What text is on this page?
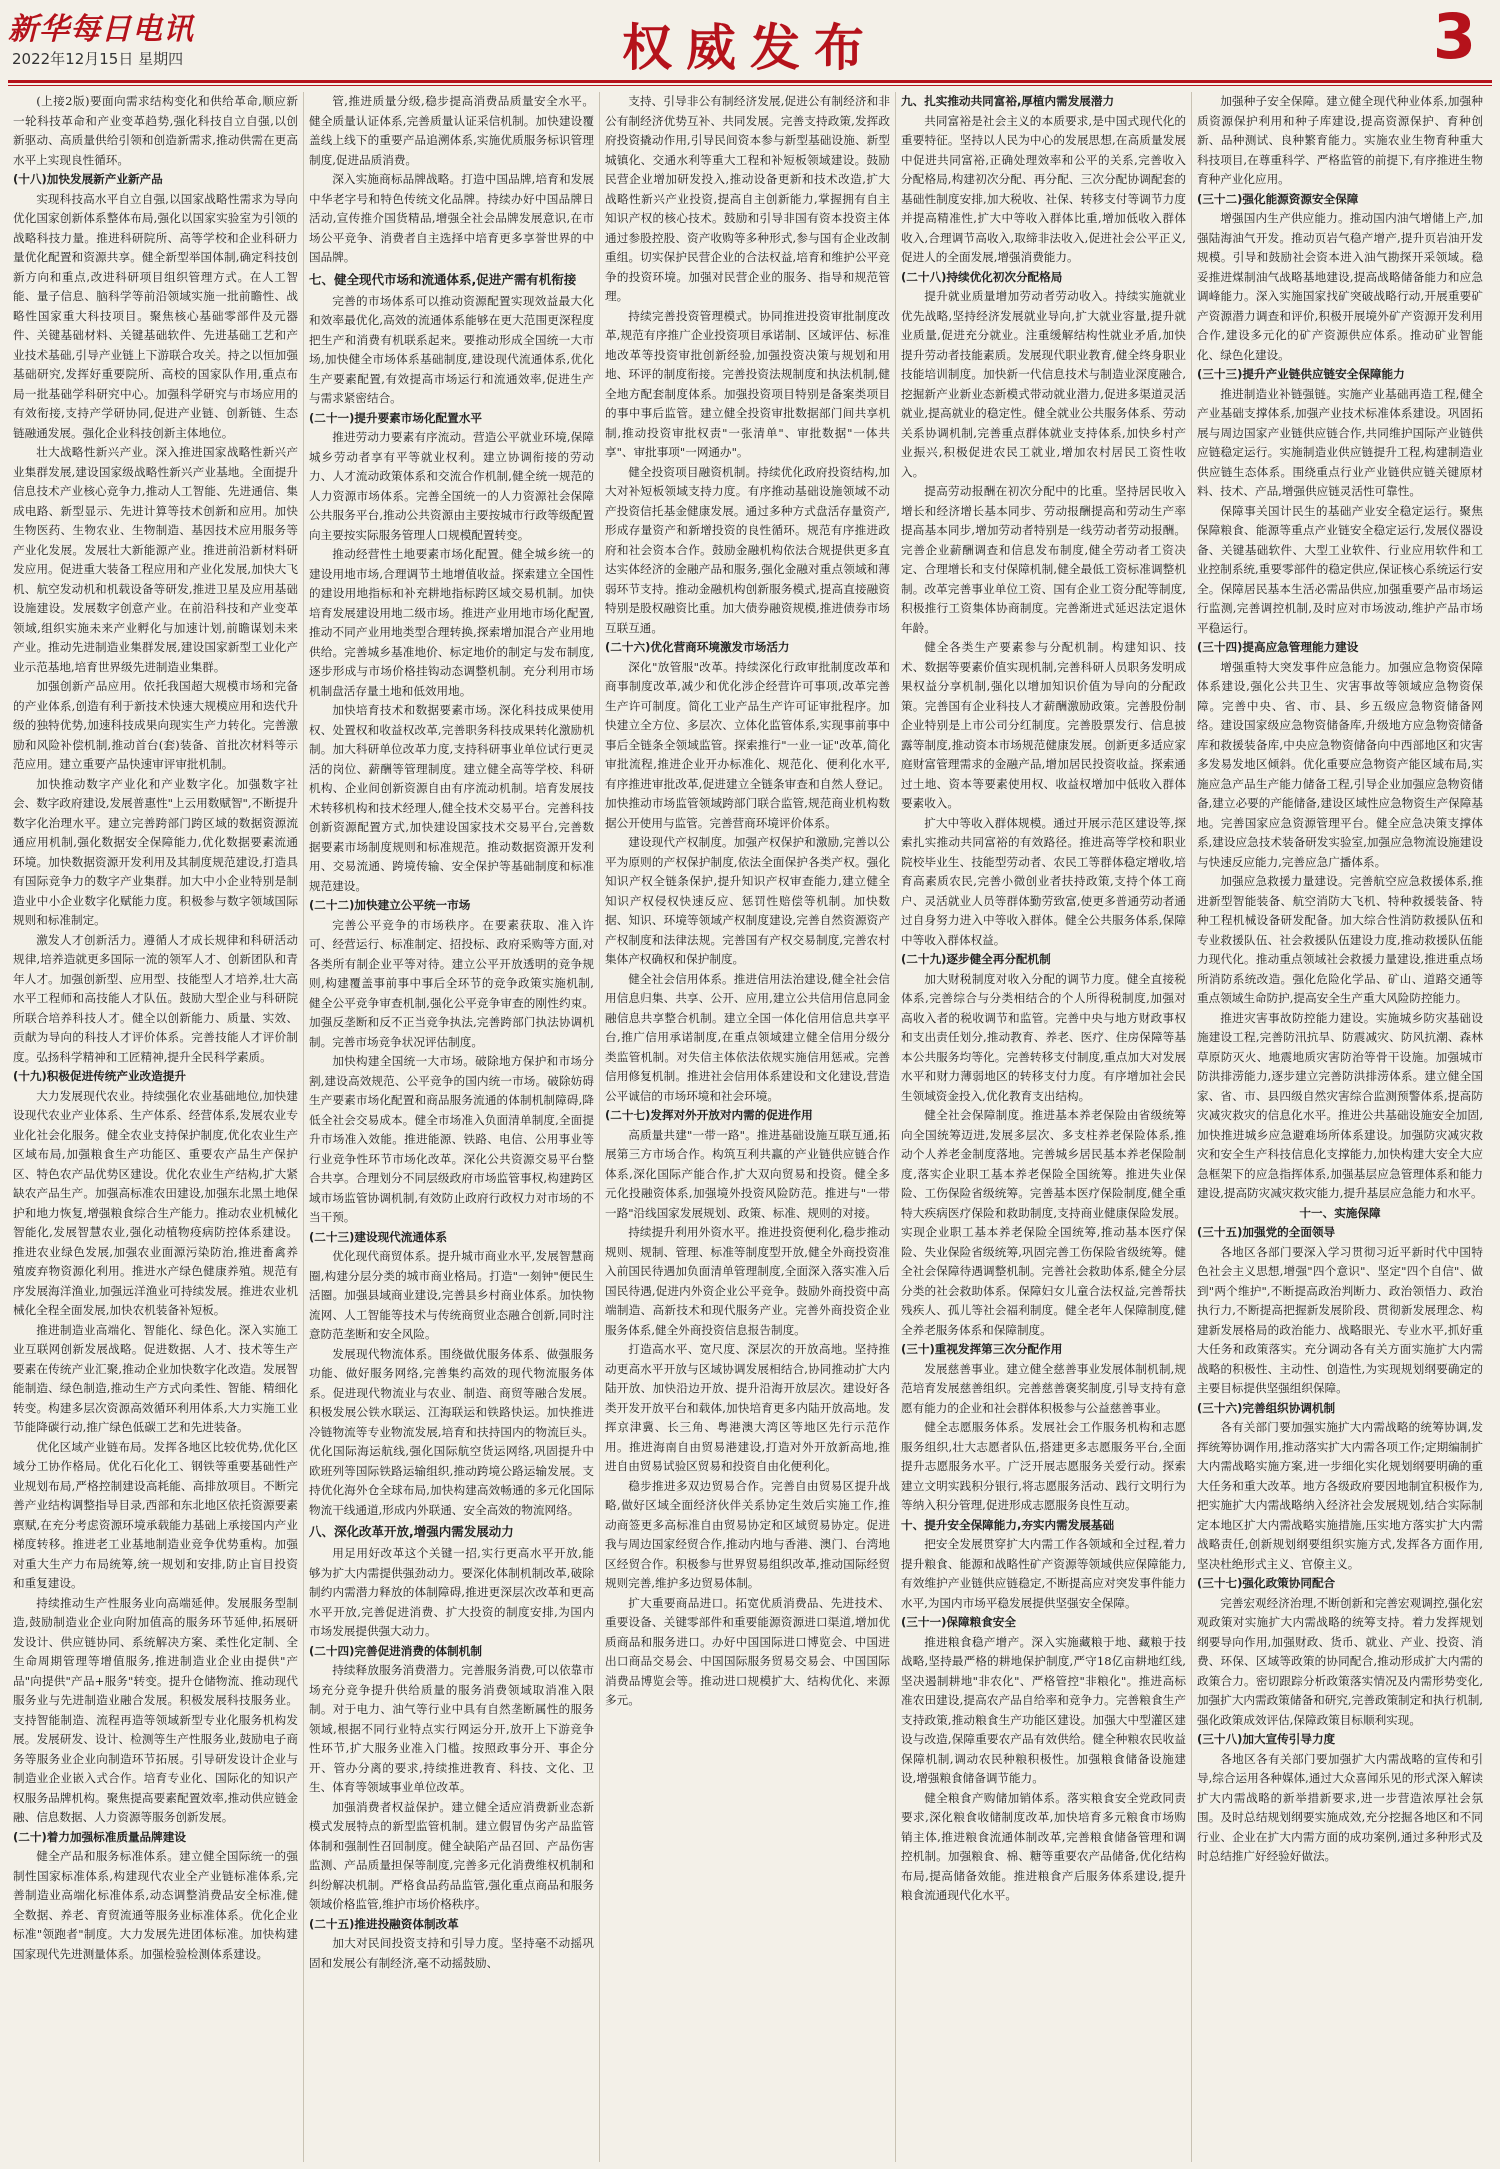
新华每日电讯
2022年12月15日 星期四	权威发布	3

(上接2版)要面向需求结构变化和供给革命,顺应新一轮科技革命和产业变革趋势,强化科技自立自强,以创新驱动、高质量供给引领和创造新需求,推动供需在更高水平上实现良性循环。

(十八)加快发展新产业新产品

实现科技高水平自立自强,以国家战略性需求为导向优化国家创新体系整体布局,强化以国家实验室为引领的战略科技力量。推进科研院所、高等学校和企业科研力量优化配置和资源共享。健全新型举国体制,确定科技创新方向和重点,改进科研项目组织管理方式。在人工智能、量子信息、脑科学等前沿领域实施一批前瞻性、战略性国家重大科技项目。聚焦核心基础零部件及元器件、关键基础材料、关键基础软件、先进基础工艺和产业技术基础,引导产业链上下游联合攻关。持之以恒加强基础研究,发挥好重要院所、高校的国家队作用,重点布局一批基础学科研究中心。加强科学研究与市场应用的有效衔接,支持产学研协同,促进产业链、创新链、生态链融通发展。强化企业科技创新主体地位。

壮大战略性新兴产业。深入推进国家战略性新兴产业集群发展,建设国家级战略性新兴产业基地。全面提升信息技术产业核心竞争力,推动人工智能、先进通信、集成电路、新型显示、先进计算等技术创新和应用。加快生物医药、生物农业、生物制造、基因技术应用服务等产业化发展。发展壮大新能源产业。推进前沿新材料研发应用。促进重大装备工程应用和产业化发展,加快大飞机、航空发动机和机载设备等研发,推进卫星及应用基础设施建设。发展数字创意产业。在前沿科技和产业变革领域,组织实施未来产业孵化与加速计划,前瞻谋划未来产业。推动先进制造业集群发展,建设国家新型工业化产业示范基地,培育世界级先进制造业集群。

加强创新产品应用。依托我国超大规模市场和完备的产业体系,创造有利于新技术快速大规模应用和迭代升级的独特优势,加速科技成果向现实生产力转化。完善激励和风险补偿机制,推动首台(套)装备、首批次材料等示范应用。建立重要产品快速审评审批机制。

加快推动数字产业化和产业数字化。加强数字社会、数字政府建设,发展普惠性"上云用数赋智",不断提升数字化治理水平。建立完善跨部门跨区域的数据资源流通应用机制,强化数据安全保障能力,优化数据要素流通环境。加快数据资源开发利用及其制度规范建设,打造具有国际竞争力的数字产业集群。加大中小企业特别是制造业中小企业数字化赋能力度。积极参与数字领域国际规则和标准制定。

激发人才创新活力。遵循人才成长规律和科研活动规律,培养造就更多国际一流的领军人才、创新团队和青年人才。加强创新型、应用型、技能型人才培养,壮大高水平工程师和高技能人才队伍。鼓励大型企业与科研院所联合培养科技人才。健全以创新能力、质量、实效、贡献为导向的科技人才评价体系。完善技能人才评价制度。弘扬科学精神和工匠精神,提升全民科学素质。

(十九)积极促进传统产业改造提升

大力发展现代农业。持续强化农业基础地位,加快建设现代农业产业体系、生产体系、经营体系,发展农业专业化社会化服务。健全农业支持保护制度,优化农业生产区域布局,加强粮食生产功能区、重要农产品生产保护区、特色农产品优势区建设。优化农业生产结构,扩大紧缺农产品生产。加强高标准农田建设,加强东北黑土地保护和地力恢复,增强粮食综合生产能力。推动农业机械化智能化,发展智慧农业,强化动植物疫病防控体系建设。推进农业绿色发展,加强农业面源污染防治,推进畜禽养殖废弃物资源化利用。推进水产绿色健康养殖。规范有序发展海洋渔业,加强远洋渔业可持续发展。推进农业机械化全程全面发展,加快农机装备补短板。

推进制造业高端化、智能化、绿色化。深入实施工业互联网创新发展战略。促进数据、人才、技术等生产要素在传统产业汇聚,推动企业加快数字化改造。发展智能制造、绿色制造,推动生产方式向柔性、智能、精细化转变。构建多层次资源高效循环利用体系,大力实施工业节能降碳行动,推广绿色低碳工艺和先进装备。

优化区域产业链布局。发挥各地区比较优势,优化区域分工协作格局。优化石化化工、钢铁等重要基础性产业规划布局,严格控制建设高耗能、高排放项目。不断完善产业结构调整指导目录,西部和东北地区依托资源要素禀赋,在充分考虑资源环境承载能力基础上承接国内产业梯度转移。推进老工业基地制造业竞争优势重构。加强对重大生产力布局统筹,统一规划和安排,防止盲目投资和重复建设。

持续推动生产性服务业向高端延伸。发展服务型制造,鼓励制造业企业向附加值高的服务环节延伸,拓展研发设计、供应链协同、系统解决方案、柔性化定制、全生命周期管理等增值服务,推进制造业企业由提供"产品"向提供"产品+服务"转变。提升仓储物流、推动现代服务业与先进制造业融合发展。积极发展科技服务业。支持智能制造、流程再造等领域新型专业化服务机构发展。发展研发、设计、检测等生产性服务业,鼓励电子商务等服务业企业向制造环节拓展。引导研发设计企业与制造业企业嵌入式合作。培育专业化、国际化的知识产权服务品牌机构。聚焦提高要素配置效率,推动供应链金融、信息数据、人力资源等服务创新发展。

(二十)着力加强标准质量品牌建设

健全产品和服务标准体系。建立健全国际统一的强制性国家标准体系,构建现代农业全产业链标准体系,完善制造业高端化标准体系,动态调整消费品安全标准,健全数据、养老、育贸流通等服务业标准体系。优化企业标准"领跑者"制度。大力发展先进团体标准。加快构建国家现代先进测量体系。加强检验检测体系建设。

管,推进质量分级,稳步提高消费品质量安全水平。健全质量认证体系,完善质量认证采信机制。加快建设覆盖线上线下的重要产品追溯体系,实施优质服务标识管理制度,促进品质消费。

深入实施商标品牌战略。打造中国品牌,培育和发展中华老字号和特色传统文化品牌。持续办好中国品牌日活动,宣传推介国货精品,增强全社会品牌发展意识,在市场公平竞争、消费者自主选择中培育更多享誉世界的中国品牌。

七、健全现代市场和流通体系,促进产需有机衔接

完善的市场体系可以推动资源配置实现效益最大化和效率最优化,高效的流通体系能够在更大范围更深程度把生产和消费有机联系起来。要推动形成全国统一大市场,加快健全市场体系基础制度,建设现代流通体系,优化生产要素配置,有效提高市场运行和流通效率,促进生产与需求紧密结合。

(二十一)提升要素市场化配置水平

推进劳动力要素有序流动。营造公平就业环境,保障城乡劳动者享有平等就业权利。建立协调衔接的劳动力、人才流动政策体系和交流合作机制,健全统一规范的人力资源市场体系。完善全国统一的人力资源社会保障公共服务平台,推动公共资源由主要按城市行政等级配置向主要按实际服务管理人口规模配置转变。

推动经营性土地要素市场化配置。健全城乡统一的建设用地市场,合理调节土地增值收益。探索建立全国性的建设用地指标和补充耕地指标跨区域交易机制。加快培育发展建设用地二级市场。推进产业用地市场化配置,推动不同产业用地类型合理转换,探索增加混合产业用地供给。完善城乡基准地价、标定地价的制定与发布制度,逐步形成与市场价格挂钩动态调整机制。充分利用市场机制盘活存量土地和低效用地。

加快培育技术和数据要素市场。深化科技成果使用权、处置权和收益权改革,完善职务科技成果转化激励机制。加大科研单位改革力度,支持科研事业单位试行更灵活的岗位、薪酬等管理制度。建立健全高等学校、科研机构、企业间创新资源自由有序流动机制。培育发展技术转移机构和技术经理人,健全技术交易平台。完善科技创新资源配置方式,加快建设国家技术交易平台,完善数据要素市场制度规则和标准规范。推动数据资源开发利用、交易流通、跨境传输、安全保护等基础制度和标准规范建设。

(二十二)加快建立公平统一市场

完善公平竞争的市场秩序。在要素获取、准入许可、经营运行、标准制定、招投标、政府采购等方面,对各类所有制企业平等对待。建立公平开放透明的竞争规则,构建覆盖事前事中事后全环节的竞争政策实施机制,健全公平竞争审查机制,强化公平竞争审查的刚性约束。加强反垄断和反不正当竞争执法,完善跨部门执法协调机制。完善市场竞争状况评估制度。

加快构建全国统一大市场。破除地方保护和市场分割,建设高效规范、公平竞争的国内统一市场。破除妨碍生产要素市场化配置和商品服务流通的体制机制障碍,降低全社会交易成本。健全市场准入负面清单制度,全面提升市场准入效能。推进能源、铁路、电信、公用事业等行业竞争性环节市场化改革。深化公共资源交易平台整合共享。合理划分不同层级政府市场监管事权,构建跨区域市场监管协调机制,有效防止政府行政权力对市场的不当干预。

(二十三)建设现代流通体系

优化现代商贸体系。提升城市商业水平,发展智慧商圈,构建分层分类的城市商业格局。打造"一刻钟"便民生活圈。加强县域商业建设,完善县乡村商业体系。加快物流网、人工智能等技术与传统商贸业态融合创新,同时注意防范垄断和安全风险。

发展现代物流体系。围绕做优服务体系、做强服务功能、做好服务网络,完善集约高效的现代物流服务体系。促进现代物流业与农业、制造、商贸等融合发展。积极发展公铁水联运、江海联运和铁路快运。加快推进冷链物流等专业物流发展,培育和扶持国内的物流巨头。优化国际海运航线,强化国际航空货运网络,巩固提升中欧班列等国际铁路运输组织,推动跨境公路运输发展。支持优化海外仓全球布局,加快构建高效畅通的多元化国际物流干线通道,形成内外联通、安全高效的物流网络。

八、深化改革开放,增强内需发展动力

用足用好改革这个关键一招,实行更高水平开放,能够为扩大内需提供强劲动力。要深化体制机制改革,破除制约内需潜力释放的体制障碍,推进更深层次改革和更高水平开放,完善促进消费、扩大投资的制度安排,为国内市场发展提供强大动力。

(二十四)完善促进消费的体制机制

持续释放服务消费潜力。完善服务消费,可以依靠市场充分竞争提升供给质量的服务消费领域取消准入限制。对于电力、油气等行业中具有自然垄断属性的服务领域,根据不同行业特点实行网运分开,放开上下游竞争性环节,扩大服务业准入门槛。按照政事分开、事企分开、管办分离的要求,持续推进教育、科技、文化、卫生、体育等领域事业单位改革。

加强消费者权益保护。建立健全适应消费新业态新模式发展特点的新型监管机制。建立假冒伪劣产品监管体制和强制性召回制度。健全缺陷产品召回、产品伤害监测、产品质量担保等制度,完善多元化消费维权机制和纠纷解决机制。严格食品药品监管,强化重点商品和服务领域价格监管,维护市场价格秩序。

(二十五)推进投融资体制改革

加大对民间投资支持和引导力度。坚持毫不动摇巩固和发展公有制经济,毫不动摇鼓励、

支持、引导非公有制经济发展,促进公有制经济和非公有制经济优势互补、共同发展。完善支持政策,发挥政府投资撬动作用,引导民间资本参与新型基础设施、新型城镇化、交通水利等重大工程和补短板领域建设。鼓励民营企业增加研发投入,推动设备更新和技术改造,扩大战略性新兴产业投资,提高自主创新能力,掌握拥有自主知识产权的核心技术。鼓励和引导非国有资本投资主体通过参股控股、资产收购等多种形式,参与国有企业改制重组。切实保护民营企业的合法权益,培育和维护公平竞争的投资环境。加强对民营企业的服务、指导和规范管理。

持续完善投资管理模式。协同推进投资审批制度改革,规范有序推广企业投资项目承诺制、区域评估、标准地改革等投资审批创新经验,加强投资决策与规划和用地、环评的制度衔接。完善投资法规制度和执法机制,健全地方配套制度体系。加强投资项目特别是备案类项目的事中事后监管。建立健全投资审批数据部门间共享机制,推动投资审批权责"一张清单"、审批数据"一体共享"、审批事项"一网通办"。

健全投资项目融资机制。持续优化政府投资结构,加大对补短板领域支持力度。有序推动基础设施领域不动产投资信托基金健康发展。通过多种方式盘活存量资产,形成存量资产和新增投资的良性循环。规范有序推进政府和社会资本合作。鼓励金融机构依法合规提供更多直达实体经济的金融产品和服务,强化金融对重点领域和薄弱环节支持。推动金融机构创新服务模式,提高直接融资特别是股权融资比重。加大债券融资规模,推进债券市场互联互通。

(二十六)优化营商环境激发市场活力

深化"放管服"改革。持续深化行政审批制度改革和商事制度改革,减少和优化涉企经营许可事项,改革完善生产许可制度。简化工业产品生产许可证审批程序。加快建立全方位、多层次、立体化监管体系,实现事前事中事后全链条全领域监管。探索推行"一业一证"改革,简化审批流程,推进企业开办标准化、规范化、便利化水平,有序推进审批改革,促进建立全链条审查和自然人登记。加快推动市场监管领域跨部门联合监管,规范商业机构数据公开使用与监管。完善营商环境评价体系。

建设现代产权制度。加强产权保护和激励,完善以公平为原则的产权保护制度,依法全面保护各类产权。强化知识产权全链条保护,提升知识产权审查能力,建立健全知识产权侵权快速反应、惩罚性赔偿等机制。加快数据、知识、环境等领域产权制度建设,完善自然资源资产产权制度和法律法规。完善国有产权交易制度,完善农村集体产权确权和保护制度。

健全社会信用体系。推进信用法治建设,健全社会信用信息归集、共享、公开、应用,建立公共信用信息同金融信息共享整合机制。建立全国一体化信用信息共享平台,推广信用承诺制度,在重点领域建立健全信用分级分类监管机制。对失信主体依法依规实施信用惩戒。完善信用修复机制。推进社会信用体系建设和文化建设,营造公平诚信的市场环境和社会环境。

(二十七)发挥对外开放对内需的促进作用

高质量共建"一带一路"。推进基础设施互联互通,拓展第三方市场合作。构筑互利共赢的产业链供应链合作体系,深化国际产能合作,扩大双向贸易和投资。健全多元化投融资体系,加强境外投资风险防范。推进与"一带一路"沿线国家发展规划、政策、标准、规则的对接。

持续提升利用外资水平。推进投资便利化,稳步推动规则、规制、管理、标准等制度型开放,健全外商投资准入前国民待遇加负面清单管理制度,全面深入落实准入后国民待遇,促进内外资企业公平竞争。鼓励外商投资中高端制造、高新技术和现代服务产业。完善外商投资企业服务体系,健全外商投资信息报告制度。

打造高水平、宽尺度、深层次的开放高地。坚持推动更高水平开放与区域协调发展相结合,协同推动扩大内陆开放、加快沿边开放、提升沿海开放层次。建设好各类开发开放平台和载体,加快培育更多内陆开放高地。发挥京津冀、长三角、粤港澳大湾区等地区先行示范作用。推进海南自由贸易港建设,打造对外开放新高地,推进自由贸易试验区贸易和投资自由化便利化。

稳步推进多双边贸易合作。完善自由贸易区提升战略,做好区域全面经济伙伴关系协定生效后实施工作,推动商签更多高标准自由贸易协定和区域贸易协定。促进我与周边国家经贸合作,推动内地与香港、澳门、台湾地区经贸合作。积极参与世界贸易组织改革,推动国际经贸规则完善,维护多边贸易体制。

扩大重要商品进口。拓宽优质消费品、先进技术、重要设备、关键零部件和重要能源资源进口渠道,增加优质商品和服务进口。办好中国国际进口博览会、中国进出口商品交易会、中国国际服务贸易交易会、中国国际消费品博览会等。推动进口规模扩大、结构优化、来源多元。

九、扎实推动共同富裕,厚植内需发展潜力

共同富裕是社会主义的本质要求,是中国式现代化的重要特征。坚持以人民为中心的发展思想,在高质量发展中促进共同富裕,正确处理效率和公平的关系,完善收入分配格局,构建初次分配、再分配、三次分配协调配套的基础性制度安排,加大税收、社保、转移支付等调节力度并提高精准性,扩大中等收入群体比重,增加低收入群体收入,合理调节高收入,取缔非法收入,促进社会公平正义,促进人的全面发展,增强消费能力。

(二十八)持续优化初次分配格局

提升就业质量增加劳动者劳动收入。持续实施就业优先战略,坚持经济发展就业导向,扩大就业容量,提升就业质量,促进充分就业。注重缓解结构性就业矛盾,加快提升劳动者技能素质。发展现代职业教育,健全终身职业技能培训制度。加快新一代信息技术与制造业深度融合,挖掘新产业新业态新模式带动就业潜力,促进多渠道灵活就业,提高就业的稳定性。健全就业公共服务体系、劳动关系协调机制,完善重点群体就业支持体系,加快乡村产业振兴,积极促进农民工就业,增加农村居民工资性收入。

提高劳动报酬在初次分配中的比重。坚持居民收入增长和经济增长基本同步、劳动报酬提高和劳动生产率提高基本同步,增加劳动者特别是一线劳动者劳动报酬。完善企业薪酬调查和信息发布制度,健全劳动者工资决定、合理增长和支付保障机制,健全最低工资标准调整机制。改革完善事业单位工资、国有企业工资分配等制度,积极推行工资集体协商制度。完善渐进式延迟法定退休年龄。

健全各类生产要素参与分配机制。构建知识、技术、数据等要素价值实现机制,完善科研人员职务发明成果权益分享机制,强化以增加知识价值为导向的分配政策。完善国有企业科技人才薪酬激励政策。完善股份制企业特别是上市公司分红制度。完善股票发行、信息披露等制度,推动资本市场规范健康发展。创新更多适应家庭财富管理需求的金融产品,增加居民投资收益。探索通过土地、资本等要素使用权、收益权增加中低收入群体要素收入。

扩大中等收入群体规模。通过开展示范区建设等,探索扎实推动共同富裕的有效路径。推进高等学校和职业院校毕业生、技能型劳动者、农民工等群体稳定增收,培育高素质农民,完善小微创业者扶持政策,支持个体工商户、灵活就业人员等群体勤劳致富,使更多普通劳动者通过自身努力进入中等收入群体。健全公共服务体系,保障中等收入群体权益。

(二十九)逐步健全再分配机制

加大财税制度对收入分配的调节力度。健全直接税体系,完善综合与分类相结合的个人所得税制度,加强对高收入者的税收调节和监管。完善中央与地方财政事权和支出责任划分,推动教育、养老、医疗、住房保障等基本公共服务均等化。完善转移支付制度,重点加大对发展水平和财力薄弱地区的转移支付力度。有序增加社会民生领域资金投入,优化教育支出结构。

健全社会保障制度。推进基本养老保险由省级统筹向全国统筹迈进,发展多层次、多支柱养老保险体系,推动个人养老金制度落地。完善城乡居民基本养老保险制度,落实企业职工基本养老保险全国统筹。推进失业保险、工伤保险省级统筹。完善基本医疗保险制度,健全重特大疾病医疗保险和救助制度,支持商业健康保险发展。实现企业职工基本养老保险全国统筹,推动基本医疗保险、失业保险省级统筹,巩固完善工伤保险省级统筹。健全社会保障待遇调整机制。完善社会救助体系,健全分层分类的社会救助体系。保障妇女儿童合法权益,完善帮扶残疾人、孤儿等社会福利制度。健全老年人保障制度,健全养老服务体系和保障制度。

(三十)重视发挥第三次分配作用

发展慈善事业。建立健全慈善事业发展体制机制,规范培育发展慈善组织。完善慈善褒奖制度,引导支持有意愿有能力的企业和社会群体积极参与公益慈善事业。

健全志愿服务体系。发展社会工作服务机构和志愿服务组织,壮大志愿者队伍,搭建更多志愿服务平台,全面提升志愿服务水平。广泛开展志愿服务关爱行动。探索建立文明实践积分银行,将志愿服务活动、践行文明行为等纳入积分管理,促进形成志愿服务良性互动。

十、提升安全保障能力,夯实内需发展基础

把安全发展贯穿扩大内需工作各领域和全过程,着力提升粮食、能源和战略性矿产资源等领域供应保障能力,有效维护产业链供应链稳定,不断提高应对突发事件能力水平,为国内市场平稳发展提供坚强安全保障。

(三十一)保障粮食安全

推进粮食稳产增产。深入实施藏粮于地、藏粮于技战略,坚持最严格的耕地保护制度,严守18亿亩耕地红线,坚决遏制耕地"非农化"、严格管控"非粮化"。推进高标准农田建设,提高农产品自给率和竞争力。完善粮食生产支持政策,推动粮食生产功能区建设。加强大中型灌区建设与改造,保障重要农产品有效供给。健全种粮农民收益保障机制,调动农民种粮积极性。加强粮食储备设施建设,增强粮食储备调节能力。

健全粮食产购储加销体系。落实粮食安全党政同责要求,深化粮食收储制度改革,加快培育多元粮食市场购销主体,推进粮食流通体制改革,完善粮食储备管理和调控机制。加强粮食、棉、糖等重要农产品储备,优化结构布局,提高储备效能。推进粮食产后服务体系建设,提升粮食流通现代化水平。

加强种子安全保障。建立健全现代种业体系,加强种质资源保护利用和种子库建设,提高资源保护、育种创新、品种测试、良种繁育能力。实施农业生物育种重大科技项目,在尊重科学、严格监管的前提下,有序推进生物育种产业化应用。

(三十二)强化能源资源安全保障

增强国内生产供应能力。推动国内油气增储上产,加强陆海油气开发。推动页岩气稳产增产,提升页岩油开发规模。引导和鼓励社会资本进入油气勘探开采领域。稳妥推进煤制油气战略基地建设,提高战略储备能力和应急调峰能力。深入实施国家找矿突破战略行动,开展重要矿产资源潜力调查和评价,积极开展境外矿产资源开发利用合作,建设多元化的矿产资源供应体系。推动矿业智能化、绿色化建设。

(三十三)提升产业链供应链安全保障能力

推进制造业补链强链。实施产业基础再造工程,健全产业基础支撑体系,加强产业技术标准体系建设。巩固拓展与周边国家产业链供应链合作,共同维护国际产业链供应链稳定运行。实施制造业供应链提升工程,构建制造业供应链生态体系。围绕重点行业产业链供应链关键原材料、技术、产品,增强供应链灵活性可靠性。

保障事关国计民生的基础产业安全稳定运行。聚焦保障粮食、能源等重点产业链安全稳定运行,发展仪器设备、关键基础软件、大型工业软件、行业应用软件和工业控制系统,重要零部件的稳定供应,保证核心系统运行安全。保障居民基本生活必需品供应,加强重要产品市场运行监测,完善调控机制,及时应对市场波动,维护产品市场平稳运行。

(三十四)提高应急管理能力建设

增强重特大突发事件应急能力。加强应急物资保障体系建设,强化公共卫生、灾害事故等领域应急物资保障。完善中央、省、市、县、乡五级应急物资储备网络。建设国家级应急物资储备库,升级地方应急物资储备库和救援装备库,中央应急物资储备向中西部地区和灾害多发易发地区倾斜。优化重要应急物资产能区域布局,实施应急产品生产能力储备工程,引导企业加强应急物资储备,建立必要的产能储备,建设区域性应急物资生产保障基地。完善国家应急资源管理平台。健全应急决策支撑体系,建设应急技术装备研发实验室,加强应急物流设施建设与快速反应能力,完善应急广播体系。

加强应急救援力量建设。完善航空应急救援体系,推进新型智能装备、航空消防大飞机、特种救援装备、特种工程机械设备研发配备。加大综合性消防救援队伍和专业救援队伍、社会救援队伍建设力度,推动救援队伍能力现代化。推动重点领域社会救援力量建设,推进重点场所消防系统改造。强化危险化学品、矿山、道路交通等重点领域生命防护,提高安全生产重大风险防控能力。

推进灾害事故防控能力建设。实施城乡防灾基础设施建设工程,完善防汛抗旱、防震减灾、防风抗潮、森林草原防灭火、地震地质灾害防治等骨干设施。加强城市防洪排涝能力,逐步建立完善防洪排涝体系。建立健全国家、省、市、县四级自然灾害综合监测预警体系,提高防灾减灾救灾的信息化水平。推进公共基础设施安全加固,加快推进城乡应急避难场所体系建设。加强防灾减灾救灾和安全生产科技信息化支撑能力,加快构建大安全大应急框架下的应急指挥体系,加强基层应急管理体系和能力建设,提高防灾减灾救灾能力,提升基层应急能力和水平。

十一、实施保障
(三十五)加强党的全面领导

各地区各部门要深入学习贯彻习近平新时代中国特色社会主义思想,增强"四个意识"、坚定"四个自信"、做到"两个维护",不断提高政治判断力、政治领悟力、政治执行力,不断提高把握新发展阶段、贯彻新发展理念、构建新发展格局的政治能力、战略眼光、专业水平,抓好重大任务和政策落实。充分调动各有关方面实施扩大内需战略的积极性、主动性、创造性,为实现规划纲要确定的主要目标提供坚强组织保障。

(三十六)完善组织协调机制

各有关部门要加强实施扩大内需战略的统筹协调,发挥统筹协调作用,推动落实扩大内需各项工作;定期编制扩大内需战略实施方案,进一步细化实化规划纲要明确的重大任务和重大改革。地方各级政府要因地制宜积极作为,把实施扩大内需战略纳入经济社会发展规划,结合实际制定本地区扩大内需战略实施措施,压实地方落实扩大内需战略责任,创新规划纲要组织实施方式,发挥各方面作用,坚决杜绝形式主义、官僚主义。

(三十七)强化政策协同配合

完善宏观经济治理,不断创新和完善宏观调控,强化宏观政策对实施扩大内需战略的统筹支持。着力发挥规划纲要导向作用,加强财政、货币、就业、产业、投资、消费、环保、区域等政策的协同配合,推动形成扩大内需的政策合力。密切跟踪分析政策落实情况及内需形势变化,加强扩大内需政策储备和研究,完善政策制定和执行机制,强化政策成效评估,保障政策目标顺利实现。

(三十八)加大宣传引导力度

各地区各有关部门要加强扩大内需战略的宣传和引导,综合运用各种媒体,通过大众喜闻乐见的形式深入解读扩大内需战略的新举措新要求,进一步营造浓厚社会氛围。及时总结规划纲要实施成效,充分挖掘各地区和不同行业、企业在扩大内需方面的成功案例,通过多种形式及时总结推广好经验好做法。
